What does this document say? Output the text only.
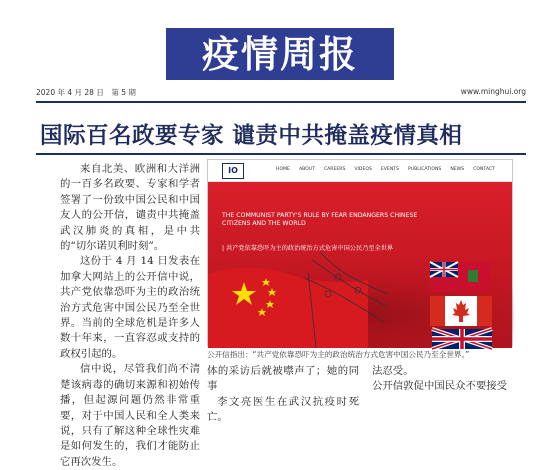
疫情周报
2020 年 4 月 28 日　第 5 期	www.minghui.org
国际百名政要专家 谴责中共掩盖疫情真相

来自北美、欧洲和大洋洲的一百多名政要、专家和学者签署了一份致中国公民和中国友人的公开信，谴责中共掩盖武汉肺炎的真相，是中共的“切尔诺贝利时刻”。

这份于 4 月 14 日发表在加拿大网站上的公开信中说，共产党依靠恐吓为主的政治统治方式危害中国公民乃至全世界。当前的全球危机是许多人数十年来，一直容忍或支持的政权引起的。

信中说，尽管我们尚不清楚该病毒的确切来源和初始传播，但起源问题仍然非常重要，对于中国人民和全人类来说，只有了解这种全球性灾难是如何发生的，我们才能防止它再次发生。

IO	HOME ABOUT CAREERS VIDEOS EVENTS PUBLICATIONS NEWS CONTACT
THE COMMUNIST PARTY'S RULE BY FEAR ENDANGERS CHINESE CITIZENS AND THE WORLD
| 共产党依靠恐吓为主的政治统治方式危害中国公民乃至全世界
公开信指出：“共产党依靠恐吓为主的政治统治方式危害中国公民乃至全世界。”
体的采访后就被噤声了；她的同事
李文亮医生在武汉抗疫时死亡。

法忍受。

公开信敦促中国民众不要接受
